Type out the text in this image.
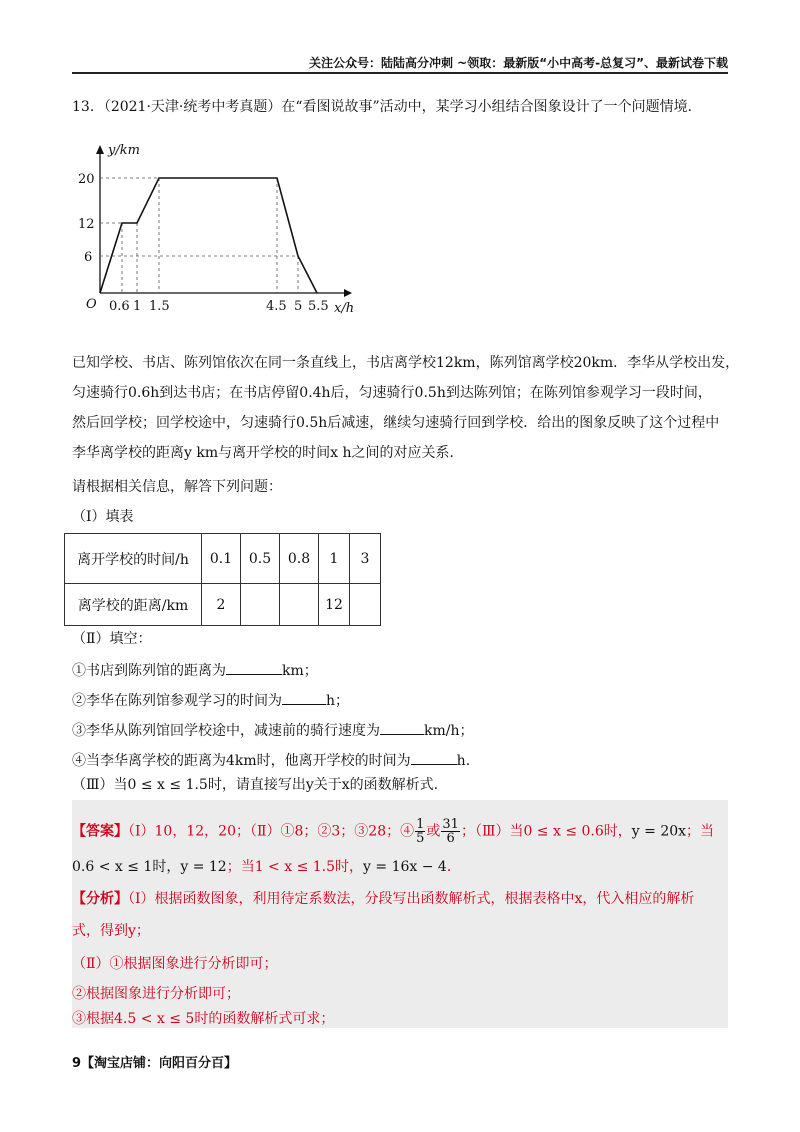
关注公众号：陆陆高分冲刺 ~领取：最新版“小中高考-总复习”、最新试卷下载
13．（2021·天津·统考中考真题）在“看图说故事”活动中，某学习小组结合图象设计了一个问题情境．
y/km
x/h
O
20
12
6
0.6 1 1.5	4.5 5 5.5
已知学校、书店、陈列馆依次在同一条直线上，书店离学校12km，陈列馆离学校20km．李华从学校出发，
匀速骑行0.6h到达书店；在书店停留0.4h后，匀速骑行0.5h到达陈列馆；在陈列馆参观学习一段时间，
然后回学校；回学校途中，匀速骑行0.5h后减速，继续匀速骑行回到学校．给出的图象反映了这个过程中
李华离学校的距离y km与离开学校的时间x h之间的对应关系．
请根据相关信息，解答下列问题：
（Ⅰ）填表
离开学校的时间/h	0.1	0.5	0.8	1	3
离学校的距离/km	2			12	
（Ⅱ）填空：
①书店到陈列馆的距离为	km；
②李华在陈列馆参观学习的时间为	h；
③李华从陈列馆回学校途中，减速前的骑行速度为	km/h；
④当李华离学校的距离为4km时，他离开学校的时间为	h.
（Ⅲ）当0 ≤ x ≤ 1.5时，请直接写出y关于x的函数解析式.
【答案】（Ⅰ）10，12，20；（Ⅱ）①8；②3；③28；④ $\frac{1}{5}$ 或 $\frac{31}{6}$ ；（Ⅲ）当0 ≤ x ≤ 0.6时，y = 20x；当
0.6 < x ≤ 1时，y = 12；当1 < x ≤ 1.5时，y = 16x − 4．
【分析】（Ⅰ）根据函数图象，利用待定系数法，分段写出函数解析式，根据表格中x，代入相应的解析
式，得到y；
（Ⅱ）①根据图象进行分析即可；
②根据图象进行分析即可；
③根据4.5 < x ≤ 5时的函数解析式可求；
9【淘宝店铺：向阳百分百】
